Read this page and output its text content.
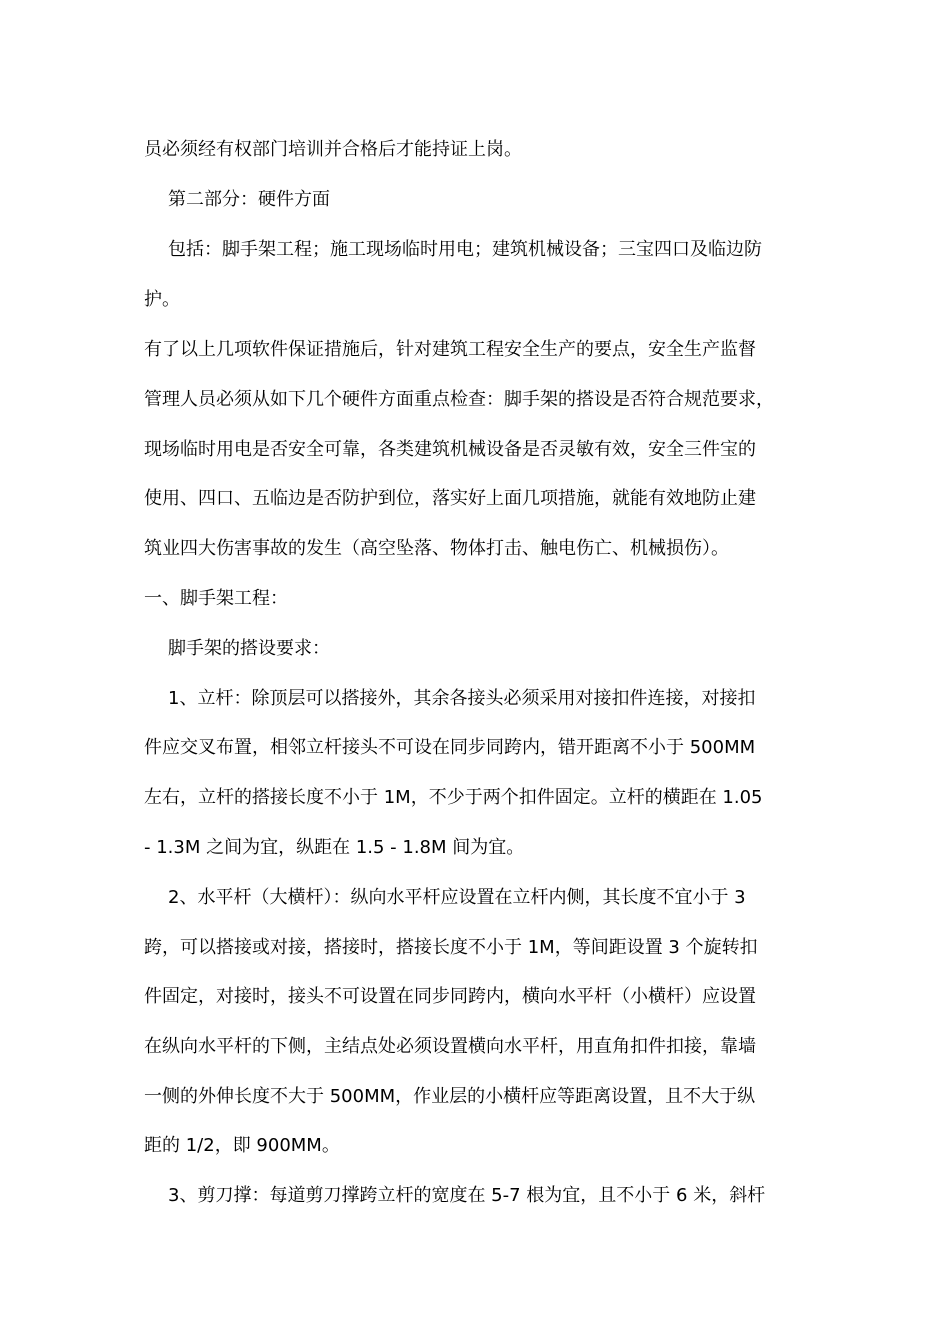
员必须经有权部门培训并合格后才能持证上岗。
第二部分：硬件方面
包括：脚手架工程；施工现场临时用电；建筑机械设备；三宝四口及临边防
护。
有了以上几项软件保证措施后，针对建筑工程安全生产的要点，安全生产监督
管理人员必须从如下几个硬件方面重点检查：脚手架的搭设是否符合规范要求，
现场临时用电是否安全可靠，各类建筑机械设备是否灵敏有效，安全三件宝的
使用、四口、五临边是否防护到位，落实好上面几项措施，就能有效地防止建
筑业四大伤害事故的发生（高空坠落、物体打击、触电伤亡、机械损伤）。
一、脚手架工程：
脚手架的搭设要求：
1、立杆：除顶层可以搭接外，其余各接头必须采用对接扣件连接，对接扣
件应交叉布置，相邻立杆接头不可设在同步同跨内，错开距离不小于 500MM
左右，立杆的搭接长度不小于 1M，不少于两个扣件固定。立杆的横距在 1.05
- 1.3M 之间为宜，纵距在 1.5 - 1.8M 间为宜。
2、水平杆（大横杆）：纵向水平杆应设置在立杆内侧，其长度不宜小于 3
跨，可以搭接或对接，搭接时，搭接长度不小于 1M，等间距设置 3 个旋转扣
件固定，对接时，接头不可设置在同步同跨内，横向水平杆（小横杆）应设置
在纵向水平杆的下侧，主结点处必须设置横向水平杆，用直角扣件扣接，靠墙
一侧的外伸长度不大于 500MM，作业层的小横杆应等距离设置，且不大于纵
距的 1/2，即 900MM。
3、剪刀撑：每道剪刀撑跨立杆的宽度在 5-7 根为宜，且不小于 6 米，斜杆
